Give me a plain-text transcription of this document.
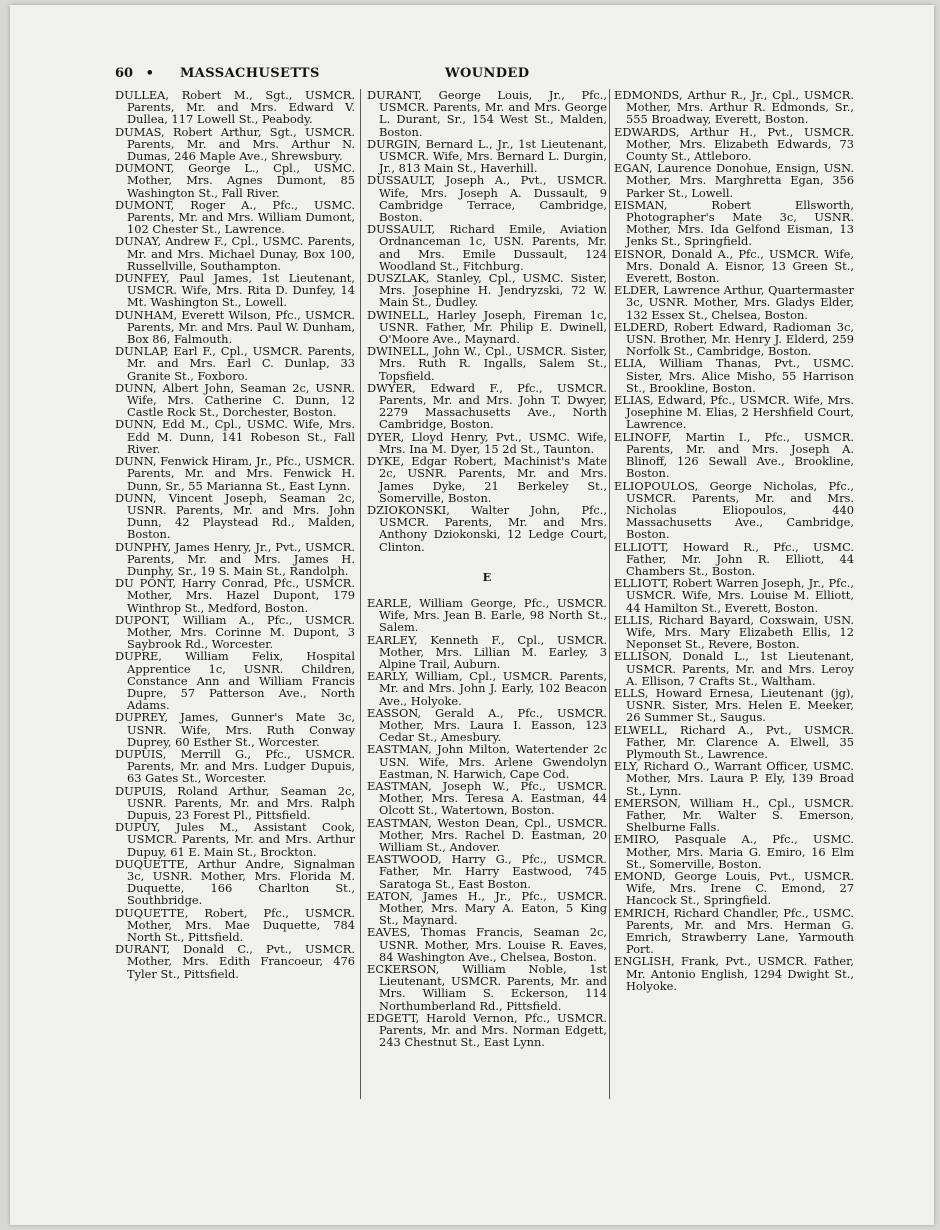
60 • MASSACHUSETTS	WOUNDED

DULLEA, Robert M., Sgt., USMCR. Parents, Mr. and Mrs. Edward V. Dullea, 117 Lowell St., Peabody.

DUMAS, Robert Arthur, Sgt., USMCR. Parents, Mr. and Mrs. Arthur N. Dumas, 246 Maple Ave., Shrewsbury.

DUMONT, George L., Cpl., USMC. Mother, Mrs. Agnes Dumont, 85 Washington St., Fall River.

DUMONT, Roger A., Pfc., USMC. Parents, Mr. and Mrs. William Dumont, 102 Chester St., Lawrence.

DUNAY, Andrew F., Cpl., USMC. Parents, Mr. and Mrs. Michael Dunay, Box 100, Russellville, Southampton.

DUNFEY, Paul James, 1st Lieutenant, USMCR. Wife, Mrs. Rita D. Dunfey, 14 Mt. Washington St., Lowell.

DUNHAM, Everett Wilson, Pfc., USMCR. Parents, Mr. and Mrs. Paul W. Dunham, Box 86, Falmouth.

DUNLAP, Earl F., Cpl., USMCR. Parents, Mr. and Mrs. Earl C. Dunlap, 33 Granite St., Foxboro.

DUNN, Albert John, Seaman 2c, USNR. Wife, Mrs. Catherine C. Dunn, 12 Castle Rock St., Dorchester, Boston.

DUNN, Edd M., Cpl., USMC. Wife, Mrs. Edd M. Dunn, 141 Robeson St., Fall River.

DUNN, Fenwick Hiram, Jr., Pfc., USMCR. Parents, Mr. and Mrs. Fenwick H. Dunn, Sr., 55 Marianna St., East Lynn.

DUNN, Vincent Joseph, Seaman 2c, USNR. Parents, Mr. and Mrs. John Dunn, 42 Playstead Rd., Malden, Boston.

DUNPHY, James Henry, Jr., Pvt., USMCR. Parents, Mr. and Mrs. James H. Dunphy, Sr., 19 S. Main St., Randolph.

DU PONT, Harry Conrad, Pfc., USMCR. Mother, Mrs. Hazel Dupont, 179 Winthrop St., Medford, Boston.

DUPONT, William A., Pfc., USMCR. Mother, Mrs. Corinne M. Dupont, 3 Saybrook Rd., Worcester.

DUPRE, William Felix, Hospital Apprentice 1c, USNR. Children, Constance Ann and William Francis Dupre, 57 Patterson Ave., North Adams.

DUPREY, James, Gunner's Mate 3c, USNR. Wife, Mrs. Ruth Conway Duprey, 60 Esther St., Worcester.

DUPUIS, Merrill G., Pfc., USMCR. Parents, Mr. and Mrs. Ludger Dupuis, 63 Gates St., Worcester.

DUPUIS, Roland Arthur, Seaman 2c, USNR. Parents, Mr. and Mrs. Ralph Dupuis, 23 Forest Pl., Pittsfield.

DUPUY, Jules M., Assistant Cook, USMCR. Parents, Mr. and Mrs. Arthur Dupuy, 61 E. Main St., Brockton.

DUQUETTE, Arthur Andre, Signalman 3c, USNR. Mother, Mrs. Florida M. Duquette, 166 Charlton St., Southbridge.

DUQUETTE, Robert, Pfc., USMCR. Mother, Mrs. Mae Duquette, 784 North St., Pittsfield.

DURANT, Donald C., Pvt., USMCR. Mother, Mrs. Edith Francoeur, 476 Tyler St., Pittsfield.

DURANT, George Louis, Jr., Pfc., USMCR. Parents, Mr. and Mrs. George L. Durant, Sr., 154 West St., Malden, Boston.

DURGIN, Bernard L., Jr., 1st Lieutenant, USMCR. Wife, Mrs. Bernard L. Durgin, Jr., 813 Main St., Haverhill.

DUSSAULT, Joseph A., Pvt., USMCR. Wife, Mrs. Joseph A. Dussault, 9 Cambridge Terrace, Cambridge, Boston.

DUSSAULT, Richard Emile, Aviation Ordnanceman 1c, USN. Parents, Mr. and Mrs. Emile Dussault, 124 Woodland St., Fitchburg.

DUSZLAK, Stanley, Cpl., USMC. Sister, Mrs. Josephine H. Jendryzski, 72 W. Main St., Dudley.

DWINELL, Harley Joseph, Fireman 1c, USNR. Father, Mr. Philip E. Dwinell, O'Moore Ave., Maynard.

DWINELL, John W., Cpl., USMCR. Sister, Mrs. Ruth R. Ingalls, Salem St., Topsfield.

DWYER, Edward F., Pfc., USMCR. Parents, Mr. and Mrs. John T. Dwyer, 2279 Massachusetts Ave., North Cambridge, Boston.

DYER, Lloyd Henry, Pvt., USMC. Wife, Mrs. Ina M. Dyer, 15 2d St., Taunton.

DYKE, Edgar Robert, Machinist's Mate 2c, USNR. Parents, Mr. and Mrs. James Dyke, 21 Berkeley St., Somerville, Boston.

DZIOKONSKI, Walter John, Pfc., USMCR. Parents, Mr. and Mrs. Anthony Dziokonski, 12 Ledge Court, Clinton.

E

EARLE, William George, Pfc., USMCR. Wife, Mrs. Jean B. Earle, 98 North St., Salem.

EARLEY, Kenneth F., Cpl., USMCR. Mother, Mrs. Lillian M. Earley, 3 Alpine Trail, Auburn.

EARLY, William, Cpl., USMCR. Parents, Mr. and Mrs. John J. Early, 102 Beacon Ave., Holyoke.

EASSON, Gerald A., Pfc., USMCR. Mother, Mrs. Laura I. Easson, 123 Cedar St., Amesbury.

EASTMAN, John Milton, Watertender 2c USN. Wife, Mrs. Arlene Gwendolyn Eastman, N. Harwich, Cape Cod.

EASTMAN, Joseph W., Pfc., USMCR. Mother, Mrs. Teresa A. Eastman, 44 Olcott St., Watertown, Boston.

EASTMAN, Weston Dean, Cpl., USMCR. Mother, Mrs. Rachel D. Eastman, 20 William St., Andover.

EASTWOOD, Harry G., Pfc., USMCR. Father, Mr. Harry Eastwood, 745 Saratoga St., East Boston.

EATON, James H., Jr., Pfc., USMCR. Mother, Mrs. Mary A. Eaton, 5 King St., Maynard.

EAVES, Thomas Francis, Seaman 2c, USNR. Mother, Mrs. Louise R. Eaves, 84 Washington Ave., Chelsea, Boston.

ECKERSON, William Noble, 1st Lieutenant, USMCR. Parents, Mr. and Mrs. William S. Eckerson, 114 Northumberland Rd., Pittsfield.

EDGETT, Harold Vernon, Pfc., USMCR. Parents, Mr. and Mrs. Norman Edgett, 243 Chestnut St., East Lynn.

EDMONDS, Arthur R., Jr., Cpl., USMCR. Mother, Mrs. Arthur R. Edmonds, Sr., 555 Broadway, Everett, Boston.

EDWARDS, Arthur H., Pvt., USMCR. Mother, Mrs. Elizabeth Edwards, 73 County St., Attleboro.

EGAN, Laurence Donohue, Ensign, USN. Mother, Mrs. Marghretta Egan, 356 Parker St., Lowell.

EISMAN, Robert Ellsworth, Photographer's Mate 3c, USNR. Mother, Mrs. Ida Gelfond Eisman, 13 Jenks St., Springfield.

EISNOR, Donald A., Pfc., USMCR. Wife, Mrs. Donald A. Eisnor, 13 Green St., Everett, Boston.

ELDER, Lawrence Arthur, Quartermaster 3c, USNR. Mother, Mrs. Gladys Elder, 132 Essex St., Chelsea, Boston.

ELDERD, Robert Edward, Radioman 3c, USN. Brother, Mr. Henry J. Elderd, 259 Norfolk St., Cambridge, Boston.

ELIA, William Thanas, Pvt., USMC. Sister, Mrs. Alice Misho, 55 Harrison St., Brookline, Boston.

ELIAS, Edward, Pfc., USMCR. Wife, Mrs. Josephine M. Elias, 2 Hershfield Court, Lawrence.

ELINOFF, Martin I., Pfc., USMCR. Parents, Mr. and Mrs. Joseph A. Blinoff, 126 Sewall Ave., Brookline, Boston.

ELIOPOULOS, George Nicholas, Pfc., USMCR. Parents, Mr. and Mrs. Nicholas Eliopoulos, 440 Massachusetts Ave., Cambridge, Boston.

ELLIOTT, Howard R., Pfc., USMC. Father, Mr. John R. Elliott, 44 Chambers St., Boston.

ELLIOTT, Robert Warren Joseph, Jr., Pfc., USMCR. Wife, Mrs. Louise M. Elliott, 44 Hamilton St., Everett, Boston.

ELLIS, Richard Bayard, Coxswain, USN. Wife, Mrs. Mary Elizabeth Ellis, 12 Neponset St., Revere, Boston.

ELLISON, Donald L., 1st Lieutenant, USMCR. Parents, Mr. and Mrs. Leroy A. Ellison, 7 Crafts St., Waltham.

ELLS, Howard Ernesa, Lieutenant (jg), USNR. Sister, Mrs. Helen E. Meeker, 26 Summer St., Saugus.

ELWELL, Richard A., Pvt., USMCR. Father, Mr. Clarence A. Elwell, 35 Plymouth St., Lawrence.

ELY, Richard O., Warrant Officer, USMC. Mother, Mrs. Laura P. Ely, 139 Broad St., Lynn.

EMERSON, William H., Cpl., USMCR. Father, Mr. Walter S. Emerson, Shelburne Falls.

EMIRO, Pasquale A., Pfc., USMC. Mother, Mrs. Maria G. Emiro, 16 Elm St., Somerville, Boston.

EMOND, George Louis, Pvt., USMCR. Wife, Mrs. Irene C. Emond, 27 Hancock St., Springfield.

EMRICH, Richard Chandler, Pfc., USMC. Parents, Mr. and Mrs. Herman G. Emrich, Strawberry Lane, Yarmouth Port.

ENGLISH, Frank, Pvt., USMCR. Father, Mr. Antonio English, 1294 Dwight St., Holyoke.
